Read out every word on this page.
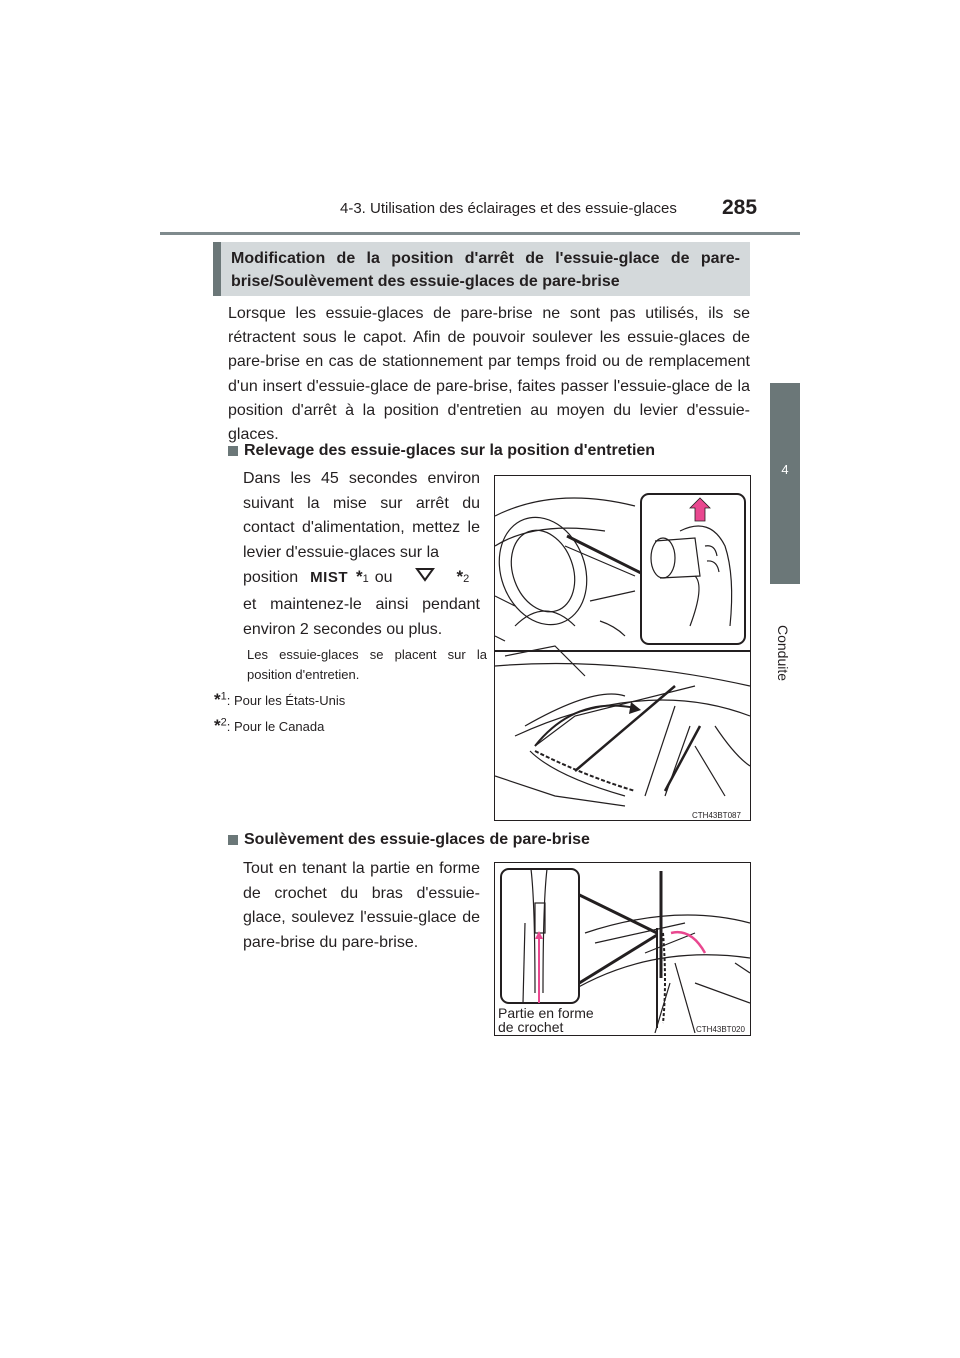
4-3. Utilisation des éclairages et des essuie-glaces 285
4
Conduite
Modification de la position d'arrêt de l'essuie-glace de pare-brise/Soulèvement des essuie-glaces de pare-brise
Lorsque les essuie-glaces de pare-brise ne sont pas utilisés, ils se rétractent sous le capot. Afin de pouvoir soulever les essuie-glaces de pare-brise en cas de stationnement par temps froid ou de remplacement d'un insert d'essuie-glace de pare-brise, faites passer l'essuie-glace de la position d'arrêt à la position d'entretien au moyen du levier d'essuie-glaces.
Relevage des essuie-glaces sur la position d'entretien
Dans les 45 secondes environ suivant la mise sur arrêt du contact d'alimentation, mettez le levier d'essuie-glaces sur la
position MIST * 1 ou	* 2
et maintenez-le ainsi pendant environ 2 secondes ou plus.
Les essuie-glaces se placent sur la position d'entretien.
*$^1$: Pour les États-Unis
*$^2$: Pour le Canada
CTH43BT087
Soulèvement des essuie-glaces de pare-brise
Tout en tenant la partie en forme de crochet du bras d'essuie-glace, soulevez l'essuie-glace de pare-brise du pare-brise.
Partie en forme
de crochet	CTH43BT020
